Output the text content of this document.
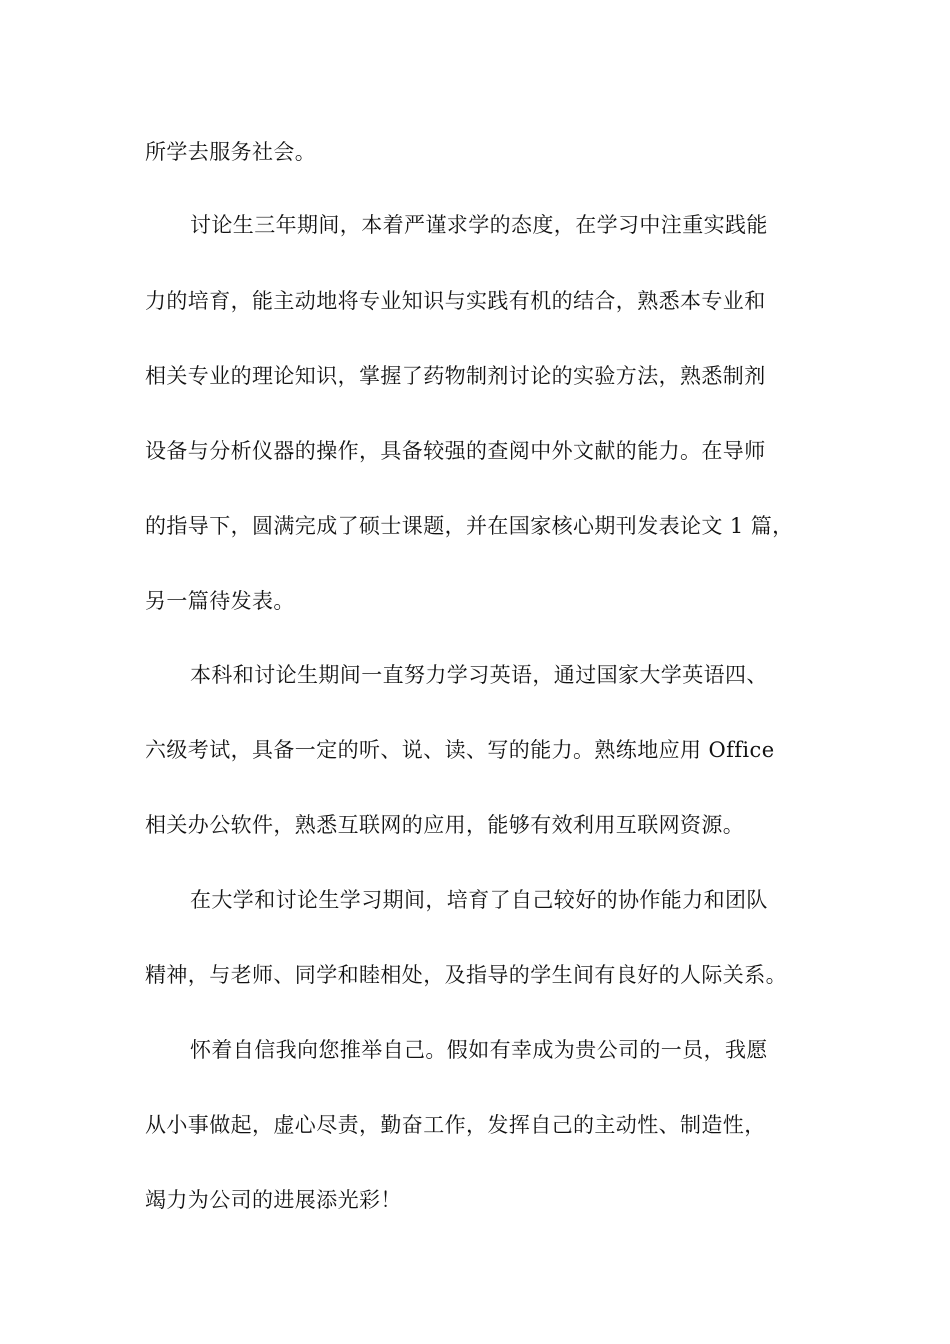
所学去服务社会。
讨论生三年期间，本着严谨求学的态度，在学习中注重实践能
力的培育，能主动地将专业知识与实践有机的结合，熟悉本专业和
相关专业的理论知识，掌握了药物制剂讨论的实验方法，熟悉制剂
设备与分析仪器的操作，具备较强的查阅中外文献的能力。在导师
的指导下，圆满完成了硕士课题，并在国家核心期刊发表论文 1 篇，
另一篇待发表。
本科和讨论生期间一直努力学习英语，通过国家大学英语四、
六级考试，具备一定的听、说、读、写的能力。熟练地应用 Office
相关办公软件，熟悉互联网的应用，能够有效利用互联网资源。
在大学和讨论生学习期间，培育了自己较好的协作能力和团队
精神，与老师、同学和睦相处，及指导的学生间有良好的人际关系。
怀着自信我向您推举自己。假如有幸成为贵公司的一员，我愿
从小事做起，虚心尽责，勤奋工作，发挥自己的主动性、制造性，
竭力为公司的进展添光彩！
